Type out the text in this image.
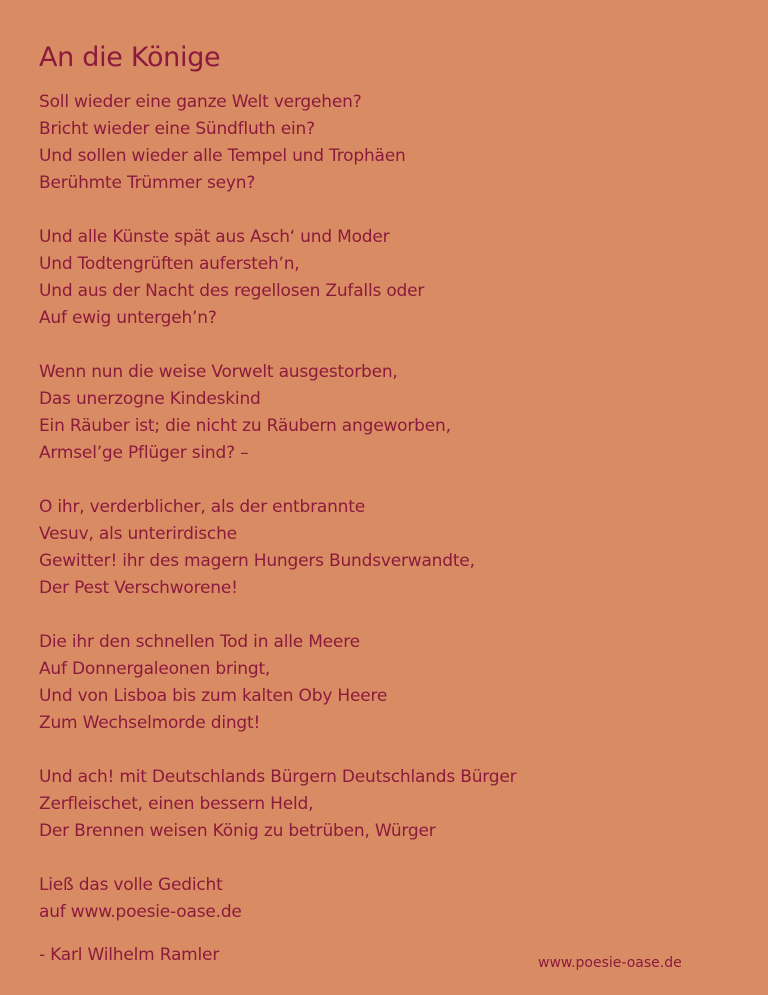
An die Könige
Soll wieder eine ganze Welt vergehen?
Bricht wieder eine Sündfluth ein?
Und sollen wieder alle Tempel und Trophäen
Berühmte Trümmer seyn?
Und alle Künste spät aus Asch‘ und Moder
Und Todtengrüften auferstehʼn,
Und aus der Nacht des regellosen Zufalls oder
Auf ewig untergehʼn?
Wenn nun die weise Vorwelt ausgestorben,
Das unerzogne Kindeskind
Ein Räuber ist; die nicht zu Räubern angeworben,
Armselʼge Pflüger sind? –
O ihr, verderblicher, als der entbrannte
Vesuv, als unterirdische
Gewitter! ihr des magern Hungers Bundsverwandte,
Der Pest Verschworene!
Die ihr den schnellen Tod in alle Meere
Auf Donnergaleonen bringt,
Und von Lisboa bis zum kalten Oby Heere
Zum Wechselmorde dingt!
Und ach! mit Deutschlands Bürgern Deutschlands Bürger
Zerfleischet, einen bessern Held,
Der Brennen weisen König zu betrüben, Würger
Ließ das volle Gedicht
auf www.poesie-oase.de
- Karl Wilhelm Ramler	www.poesie-oase.de
